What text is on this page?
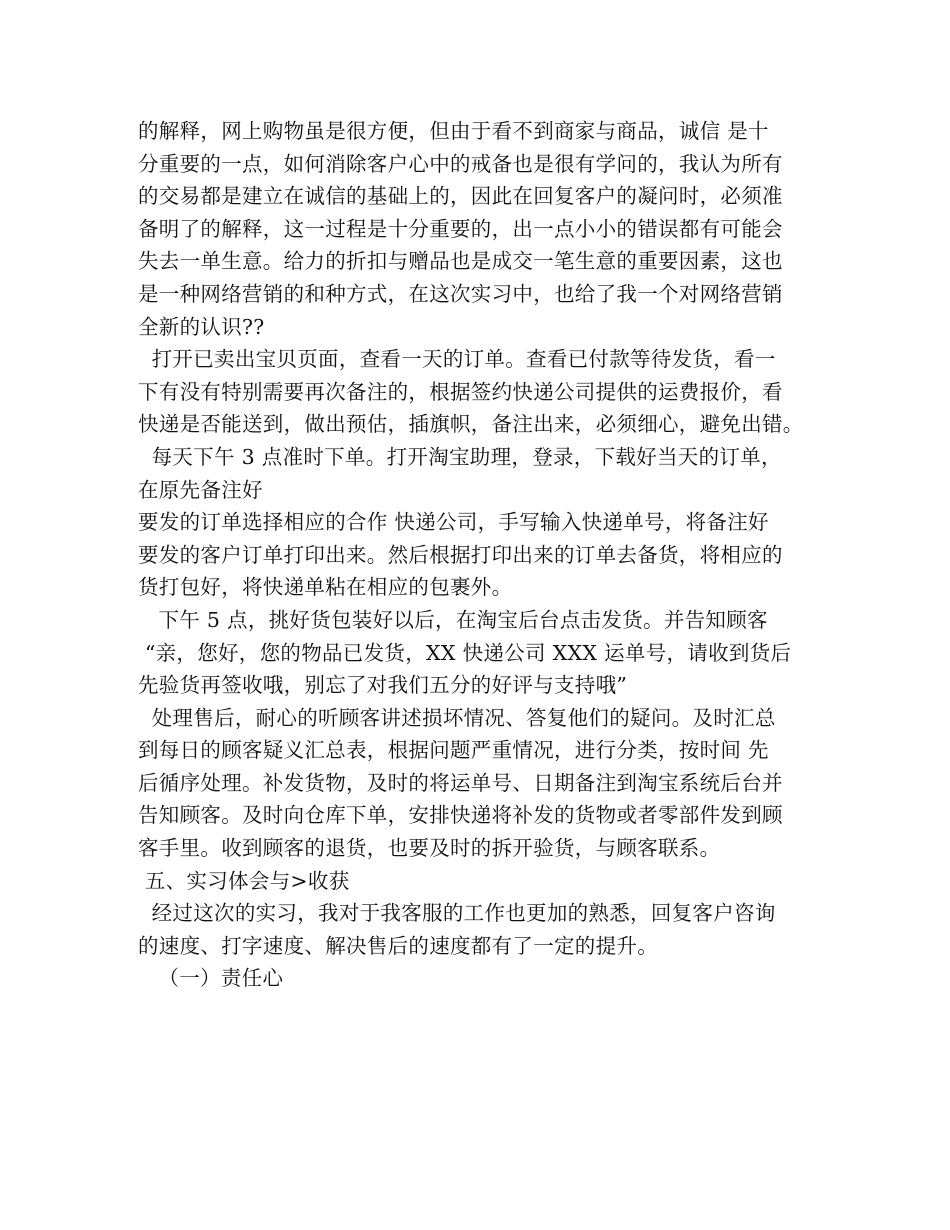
的解释，网上购物虽是很方便，但由于看不到商家与商品，诚信 是十
分重要的一点，如何消除客户心中的戒备也是很有学问的，我认为所有
的交易都是建立在诚信的基础上的，因此在回复客户的凝问时，必须准
备明了的解释，这一过程是十分重要的，出一点小小的错误都有可能会
失去一单生意。给力的折扣与赠品也是成交一笔生意的重要因素，这也
是一种网络营销的和种方式，在这次实习中，也给了我一个对网络营销
全新的认识??
打开已卖出宝贝页面，查看一天的订单。查看已付款等待发货，看一
下有没有特别需要再次备注的，根据签约快递公司提供的运费报价，看
快递是否能送到，做出预估，插旗帜，备注出来，必须细心，避免出错。
每天下午 3 点准时下单。打开淘宝助理，登录，下载好当天的订单，
在原先备注好
要发的订单选择相应的合作 快递公司，手写输入快递单号，将备注好
要发的客户订单打印出来。然后根据打印出来的订单去备货，将相应的
货打包好，将快递单粘在相应的包裹外。
下午 5 点，挑好货包装好以后，在淘宝后台点击发货。并告知顾客
“亲，您好，您的物品已发货，XX 快递公司 XXX 运单号，请收到货后
先验货再签收哦，别忘了对我们五分的好评与支持哦”
处理售后，耐心的听顾客讲述损坏情况、答复他们的疑问。及时汇总
到每日的顾客疑义汇总表，根据问题严重情况，进行分类，按时间 先
后循序处理。补发货物，及时的将运单号、日期备注到淘宝系统后台并
告知顾客。及时向仓库下单，安排快递将补发的货物或者零部件发到顾
客手里。收到顾客的退货，也要及时的拆开验货，与顾客联系。
五、实习体会与>收获
经过这次的实习，我对于我客服的工作也更加的熟悉，回复客户咨询
的速度、打字速度、解决售后的速度都有了一定的提升。
（一）责任心
